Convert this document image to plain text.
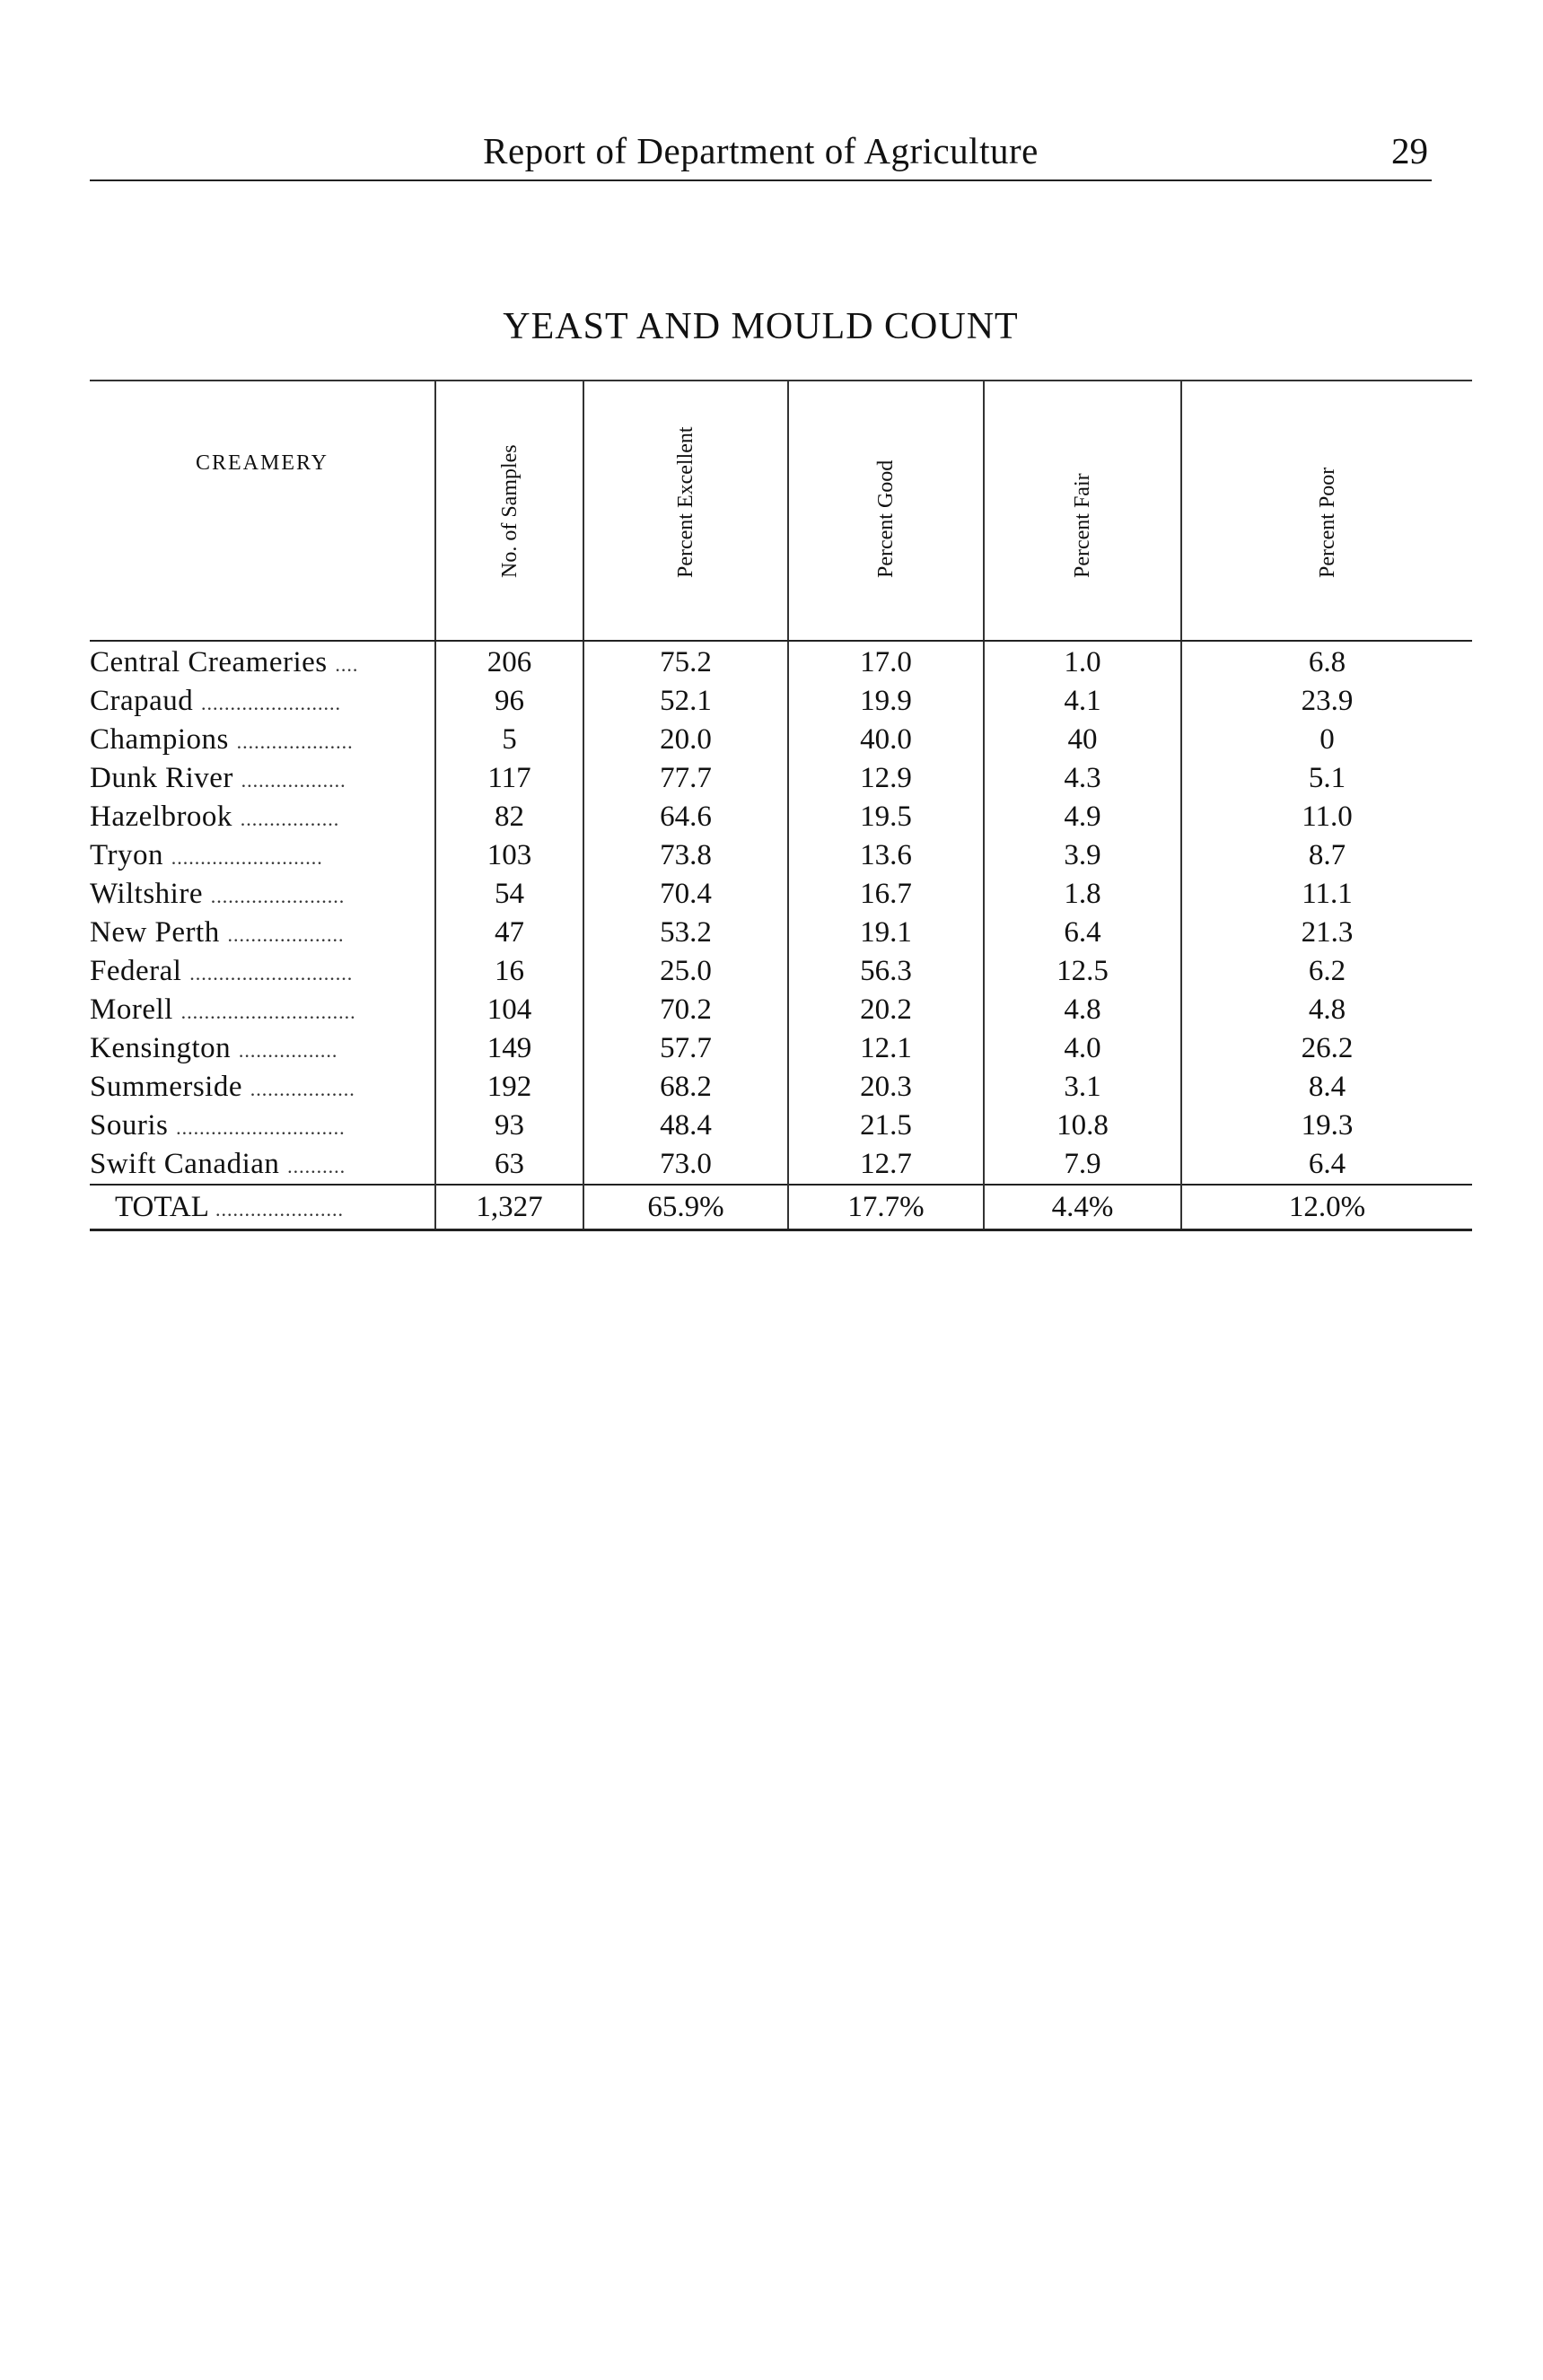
Report of Department of Agriculture	29
YEAST AND MOULD COUNT
CREAMERY	No. of Samples	Percent Excellent	Percent Good	Percent Fair	Percent Poor
Central Creameries ....	206	75.2	17.0	1.0	6.8
Crapaud ........................	96	52.1	19.9	4.1	23.9
Champions ....................	5	20.0	40.0	40	0
Dunk River ..................	117	77.7	12.9	4.3	5.1
Hazelbrook .................	82	64.6	19.5	4.9	11.0
Tryon ..........................	103	73.8	13.6	3.9	8.7
Wiltshire .......................	54	70.4	16.7	1.8	11.1
New Perth ....................	47	53.2	19.1	6.4	21.3
Federal ............................	16	25.0	56.3	12.5	6.2
Morell ..............................	104	70.2	20.2	4.8	4.8
Kensington .................	149	57.7	12.1	4.0	26.2
Summerside ..................	192	68.2	20.3	3.1	8.4
Souris .............................	93	48.4	21.5	10.8	19.3
Swift Canadian ..........	63	73.0	12.7	7.9	6.4
TOTAL ......................	1,327	65.9%	17.7%	4.4%	12.0%
